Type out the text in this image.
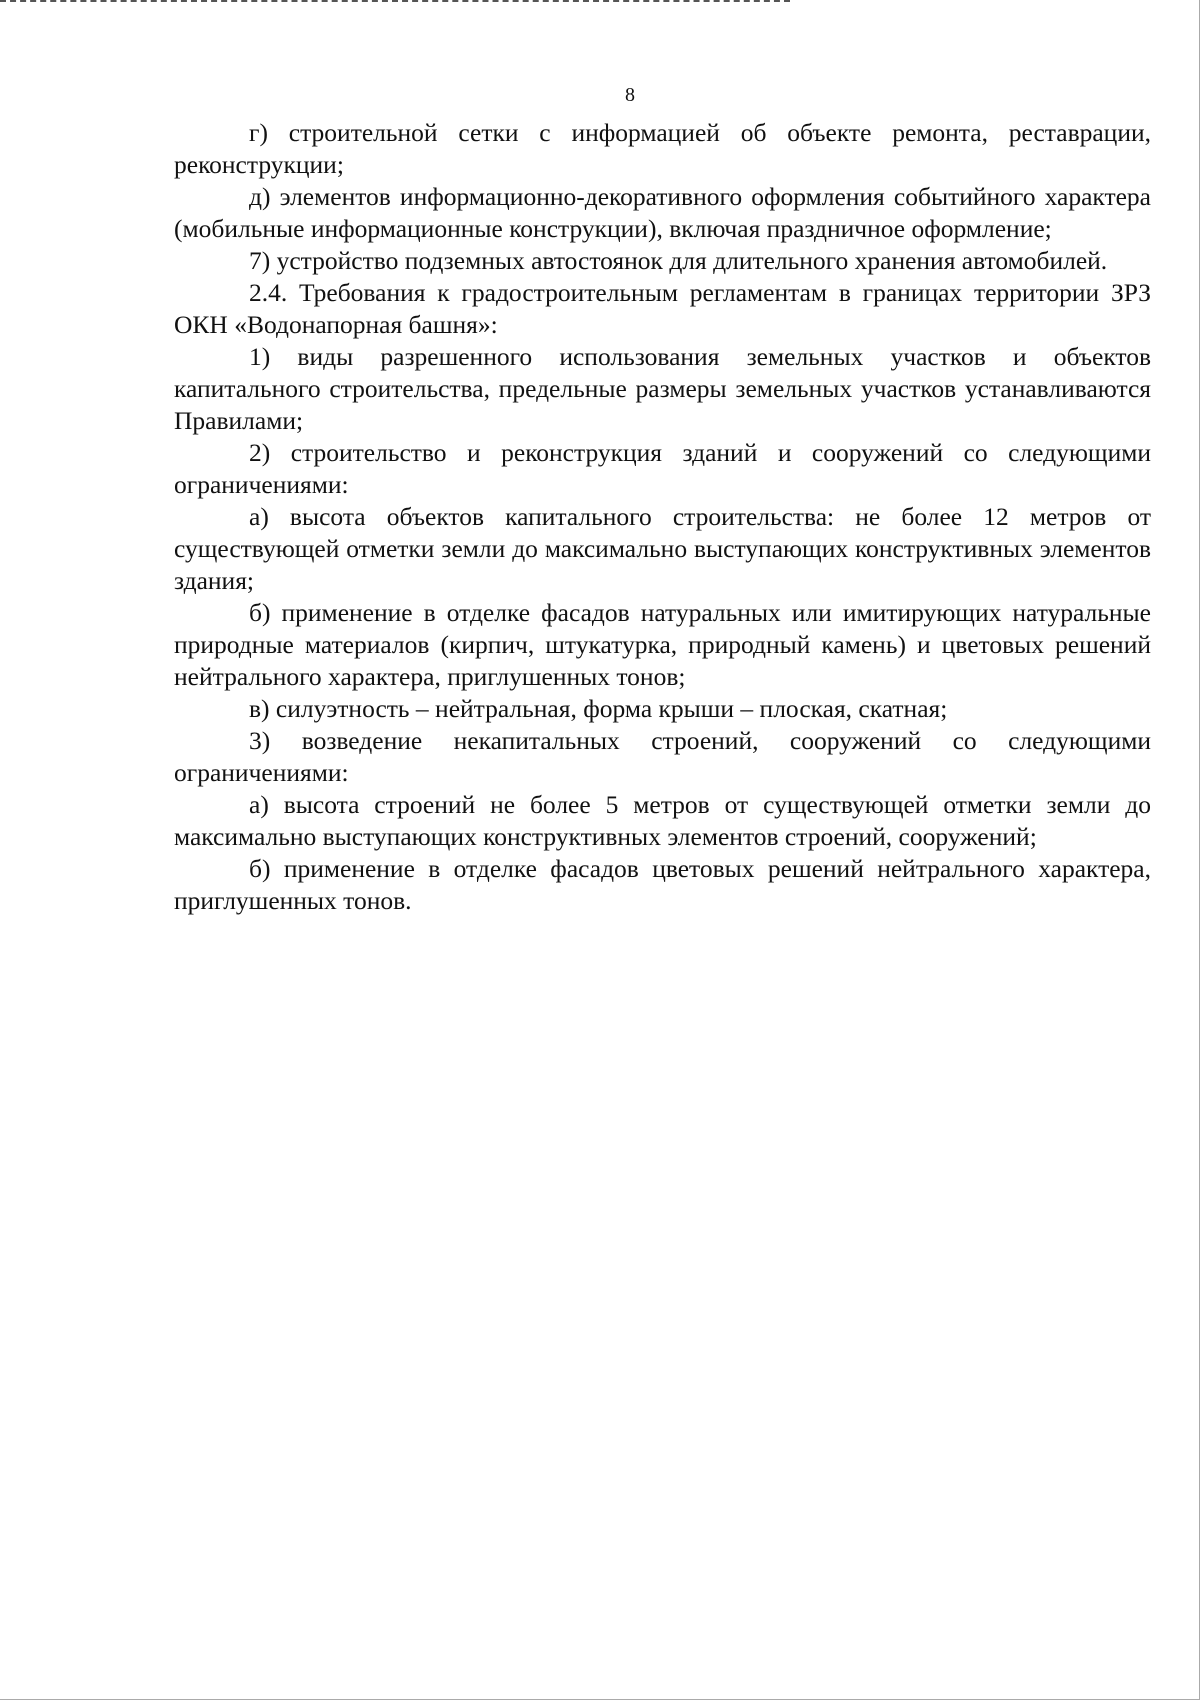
8

г) строительной сетки с информацией об объекте ремонта, реставрации, реконструкции;

д) элементов информационно-декоративного оформления событийного характера (мобильные информационные конструкции), включая праздничное оформление;

7) устройство подземных автостоянок для длительного хранения автомобилей.

2.4. Требования к градостроительным регламентам в границах территории ЗРЗ ОКН «Водонапорная башня»:

1) виды разрешенного использования земельных участков и объектов капитального строительства, предельные размеры земельных участков устанавливаются Правилами;

2) строительство и реконструкция зданий и сооружений со следующими ограничениями:

а) высота объектов капитального строительства: не более 12 метров от существующей отметки земли до максимально выступающих конструктивных элементов здания;

б) применение в отделке фасадов натуральных или имитирующих натуральные природные материалов (кирпич, штукатурка, природный камень) и цветовых решений нейтрального характера, приглушенных тонов;

в) силуэтность – нейтральная, форма крыши – плоская, скатная;

3) возведение некапитальных строений, сооружений со следующими ограничениями:

а) высота строений не более 5 метров от существующей отметки земли до максимально выступающих конструктивных элементов строений, сооружений;

б) применение в отделке фасадов цветовых решений нейтрального характера, приглушенных тонов.
